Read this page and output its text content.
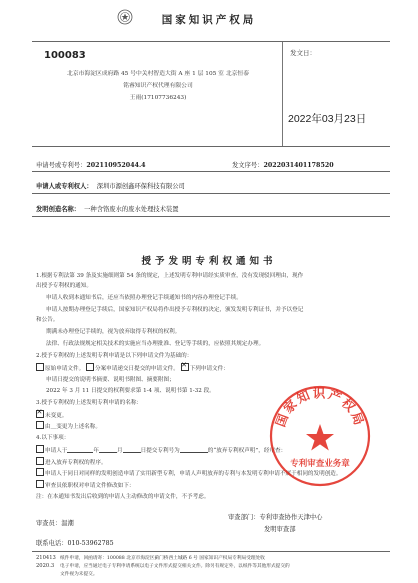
国家知识产权局
100083
北京市海淀区成府路 45 号中关村智造大街 A 座 1 层 105 室 北京恒泰
铭睿知识产权代理有限公司
王雨(17107736243)
发文日：
2022年03月23日
申请号或专利号：202110952044.4	发文序号：2022031401178520
申请人或专利权人： 深圳市源创鑫环保科技有限公司
发明创造名称： 一种含铬废水的废水处理技术装置
授予发明专利权通知书
1.根据专利法第 39 条及实施细则第 54 条的规定，上述发明专利申请经实质审查，没有发现驳回理由，现作
出授予专利权的通知。
申请人收到本通知书后，还应当依照办理登记手续通知书的内容办理登记手续。
申请人按期办理登记手续后，国家知识产权局将作出授予专利权的决定，颁发发明专利证书，并予以登记
和公告。
期满未办理登记手续的，视为放弃取得专利权的权利。
法律、行政法规规定相关技术的实施应当办理批准、登记等手续的，应依照其规定办理。
2.授予专利权的上述发明专利申请是以下列申请文件为基础的：
原始申请文件。 分案申请递交日提交的申请文件。 ✕ 下列申请文件：
申请日提交的说明书摘要、说明书附图、摘要附图；
2022 年 3 月 11 日提交的权利要求第 1-4 项、说明书第 1-32 段。
3.授予专利权的上述发明专利申请的名称：
✕未变更。
由＿变更为上述名称。
4.以下事项：
申请人于	年	月	日提交专利号为	的“放弃专利权声明”，经审查：
进入放弃专利权的程序。
申请人于同日对同样的发明创造申请了实用新型专利，申请人声明放弃的专利与本发明专利申请不属于相同的发明创造。
审查员依职权对申请文件修改如下：
注：在本通知书发出后收到的申请人主动修改的申请文件，不予考虑。
审查员：温潮
审查部门：专利审查协作天津中心
发明审查部
联系电话：010-53962785
210413
2020.3
纸件申请，回函请寄：100088 北京市海淀区蓟门桥西土城路 6 号 国家知识产权局专利局受理处收
电子申请，应当通过电子专利申请系统以电子文件形式提交相关文件。除另有规定外，以纸件等其他形式提交的
文件视为未提交。
国家知识产权局
专利审查业务章
